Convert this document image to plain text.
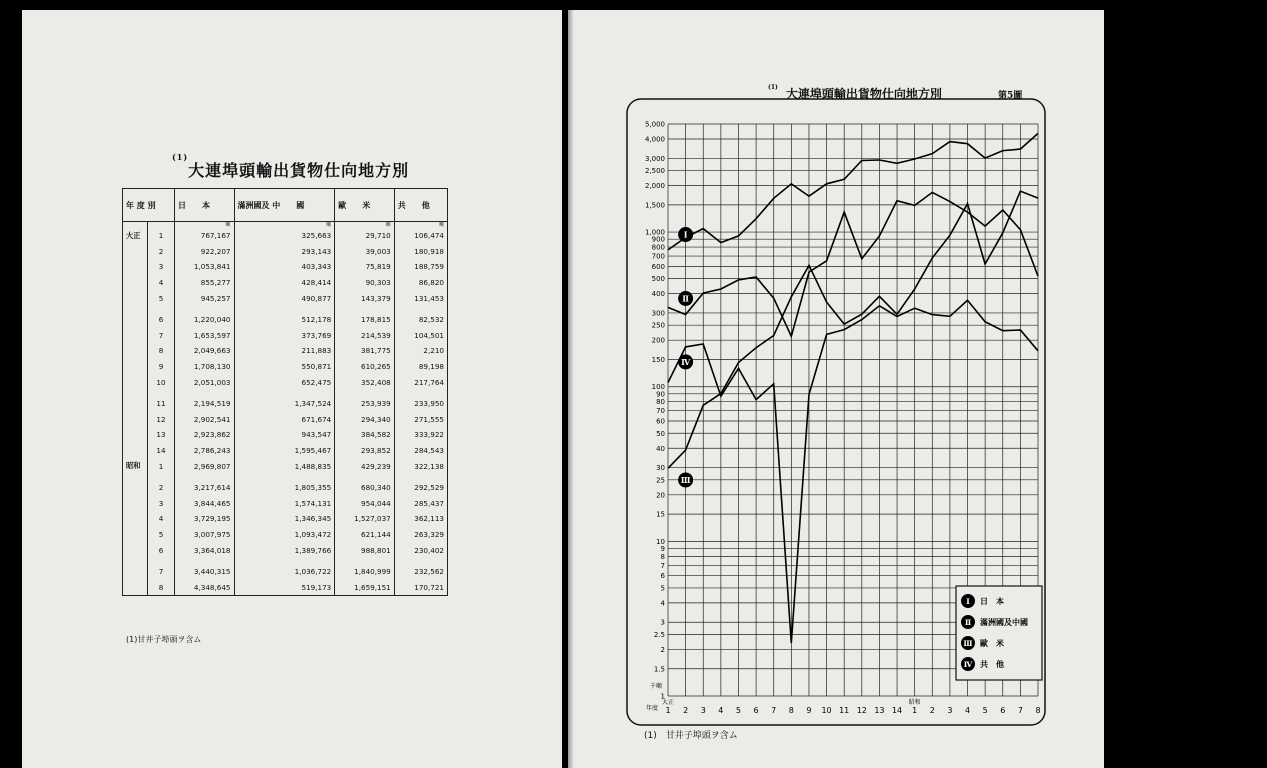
$^{(1)}$大連埠頭輸出貨物仕向地方別
年 度 別		日　　本	滿洲國及 中　　國	歐　　米	共　　他
		噸	噸	噸	噸
大正	1	767,167	325,663	29,710	106,474
	2	922,207	293,143	39,003	180,918
	3	1,053,841	403,343	75,819	188,759
	4	855,277	428,414	90,303	86,820
	5	945,257	490,877	143,379	131,453

	6	1,220,040	512,178	178,815	82,532
	7	1,653,597	373,769	214,539	104,501
	8	2,049,663	211,883	381,775	2,210
	9	1,708,130	550,871	610,265	89,198
	10	2,051,003	652,475	352,408	217,764

	11	2,194,519	1,347,524	253,939	233,950
	12	2,902,541	671,674	294,340	271,555
	13	2,923,862	943,547	384,582	333,922
	14	2,786,243	1,595,467	293,852	284,543
昭和	1	2,969,807	1,488,835	429,239	322,138

	2	3,217,614	1,805,355	680,340	292,529
	3	3,844,465	1,574,131	954,044	285,437
	4	3,729,195	1,346,345	1,527,037	362,113
	5	3,007,975	1,093,472	621,144	263,329
	6	3,364,018	1,389,766	988,801	230,402

	7	3,440,315	1,036,722	1,840,999	232,562
	8	4,348,645	519,173	1,659,151	170,721
(1)甘井子埠頭ヲ含ム
$^{(1)}$ 大連埠頭輸出貨物仕向地方別	第5圖
1
1.5
2
2.5
3
4
5
6
7
8
9
10
15
20
25
30
40
50
60
70
80
90
100
150
200
250
300
400
500
600
700
800
900
1,000
1,500
2,000
2,500
3,000
4,000
5,000
1 2 3 4 5 6 7 8 9 10 11 12 13 14 1 2 3 4 5 6 7 8
大正	昭和
千噸
年度
Ⅰ
Ⅱ
Ⅲ
Ⅳ
Ⅰ 日　本
Ⅱ 滿洲國及中國
Ⅲ 歐　米
Ⅳ 共　他
(1)　甘井子埠頭ヲ含ム
